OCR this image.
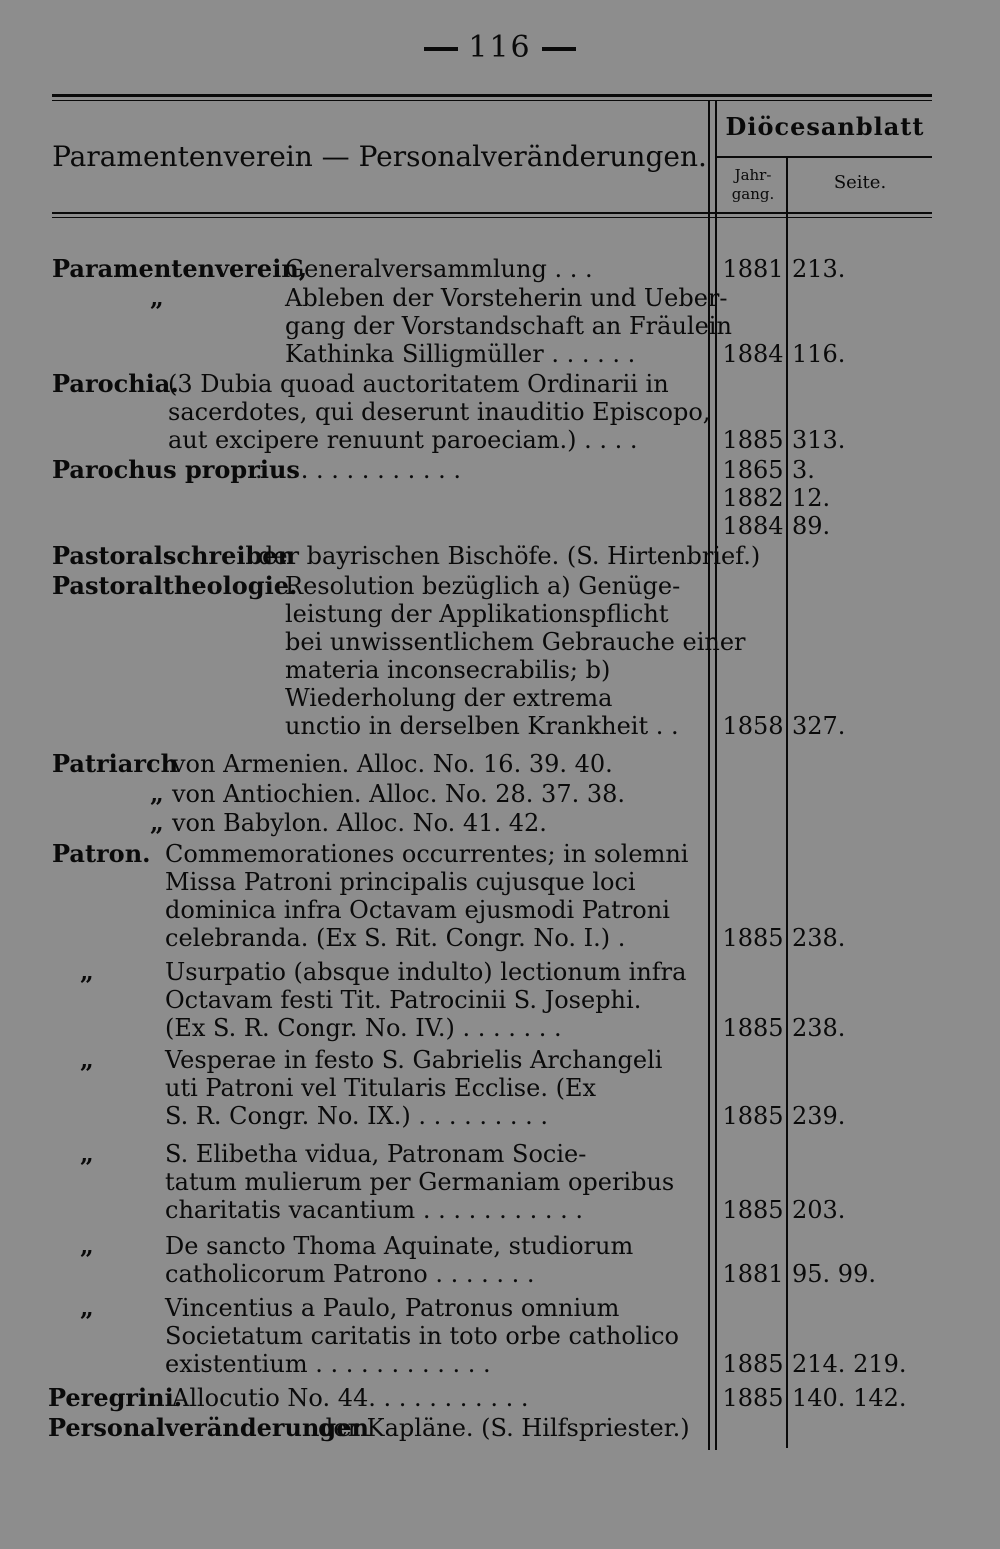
116
Paramentenverein — Personalveränderungen.
Diöcesanblatt
Jahr-gang.
Seite.
Paramentenverein,
Generalversammlung . . .	1881 213.
„	Ableben der Vorsteherin und Ueber-
gang der Vorstandschaft an Fräulein
Kathinka Silligmüller . . . . . .	1884 116.
Parochia.
(3 Dubia quoad auctoritatem Ordinarii in
sacerdotes, qui deserunt inauditio Episcopo,
aut excipere renuunt paroeciam.) . . . .	1885 313.
Parochus proprius
. . . . . . . . . . . . . .	1865 3.
1882 12.
1884 89.
Pastoralschreiben
der bayrischen Bischöfe. (S. Hirtenbrief.)
Pastoraltheologie.
Resolution bezüglich a) Genüge-
leistung der Applikationspflicht
bei unwissentlichem Gebrauche einer
materia inconsecrabilis; b)
Wiederholung der extrema
unctio in derselben Krankheit . . 1858 327.
Patriarch
von Armenien. Alloc. No. 16. 39. 40.
„ von Antiochien. Alloc. No. 28. 37. 38.
„ von Babylon. Alloc. No. 41. 42.
Patron. Commemorationes occurrentes; in solemni
Missa Patroni principalis cujusque loci
dominica infra Octavam ejusmodi Patroni
celebranda. (Ex S. Rit. Congr. No. I.) .	1885 238.
„	Usurpatio (absque indulto) lectionum infra
Octavam festi Tit. Patrocinii S. Josephi.
(Ex S. R. Congr. No. IV.) . . . . . . .	1885 238.
„	Vesperae in festo S. Gabrielis Archangeli
uti Patroni vel Titularis Ecclise. (Ex
S. R. Congr. No. IX.) . . . . . . . . .	1885 239.
„	S. Elibetha vidua, Patronam Socie-
tatum mulierum per Germaniam operibus
charitatis vacantium . . . . . . . . . . .	1885 203.
„	De sancto Thoma Aquinate, studiorum
catholicorum Patrono . . . . . . .	1881 95. 99.
„	Vincentius a Paulo, Patronus omnium
Societatum caritatis in toto orbe catholico
existentium . . . . . . . . . . . .	1885 214. 219.
Peregrini.
Allocutio No. 44. . . . . . . . . . .	1885 140. 142.
Personalveränderungen
der Kapläne. (S. Hilfspriester.)
